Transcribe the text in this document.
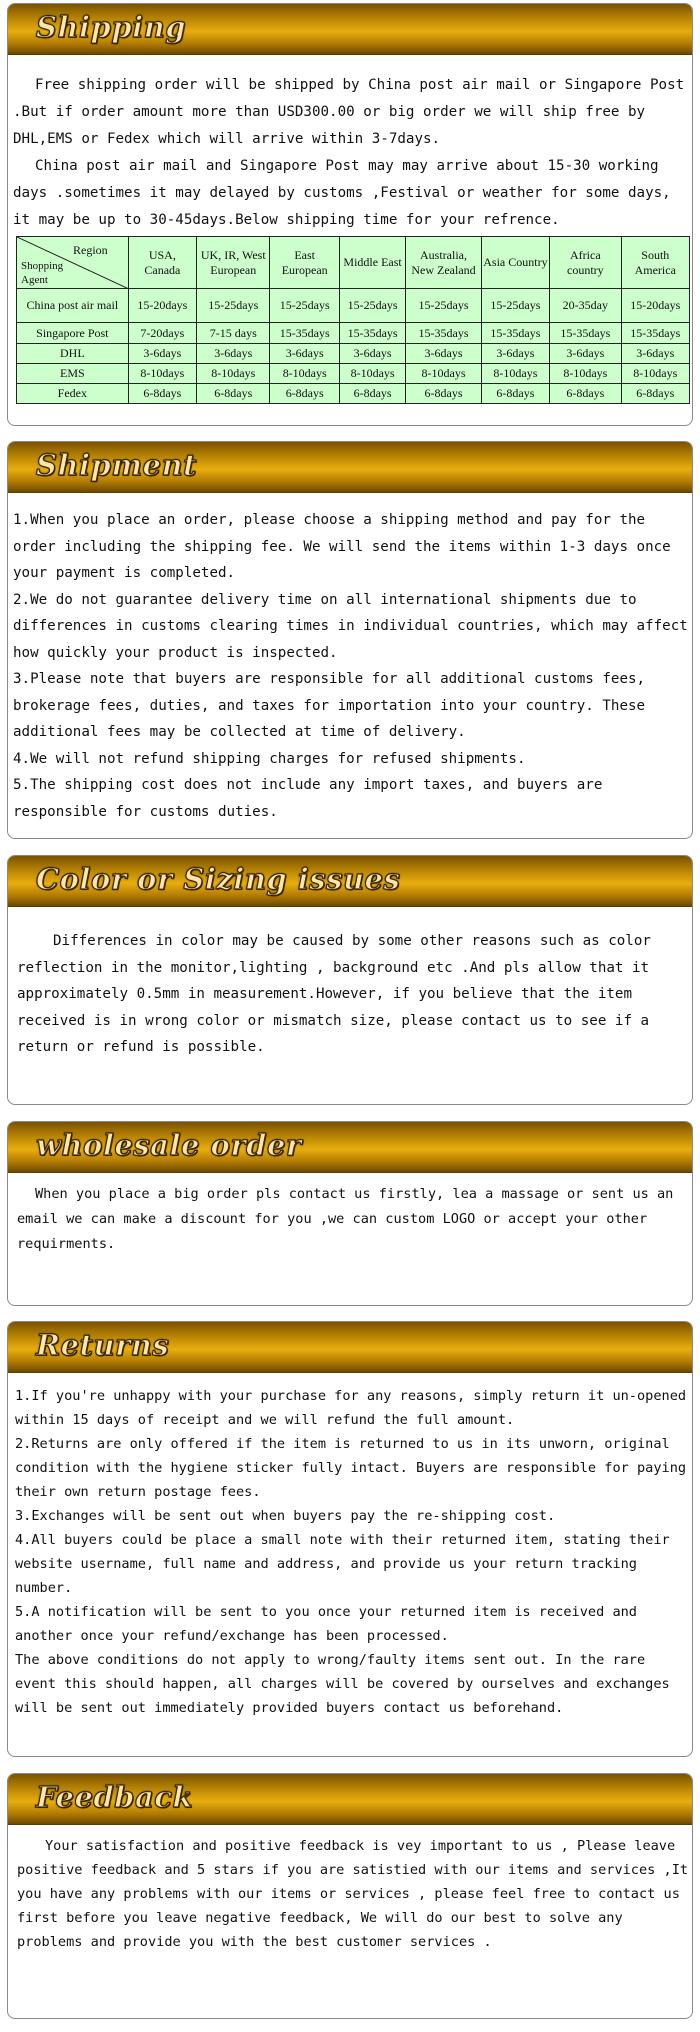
Shipping

Free shipping order will be shipped by China post air mail or Singapore Post .But if order amount more than USD300.00 or big order we will ship free by DHL,EMS or Fedex which will arrive within 3-7days.

China post air mail and Singapore Post may may arrive about 15-30 working days .sometimes it may delayed by customs ,Festival or weather for some days, it may be up to 30-45days.Below shipping time for your refrence.

Region
Shopping Agent	USA, Canada	UK, IR, West European	East European	Middle East	Australia, New Zealand	Asia Country	Africa country	South America
China post air mail	15-20days	15-25days	15-25days	15-25days	15-25days	15-25days	20-35day	15-20days
Singapore Post	7-20days	7-15 days	15-35days	15-35days	15-35days	15-35days	15-35days	15-35days
DHL	3-6days	3-6days	3-6days	3-6days	3-6days	3-6days	3-6days	3-6days
EMS	8-10days	8-10days	8-10days	8-10days	8-10days	8-10days	8-10days	8-10days
Fedex	6-8days	6-8days	6-8days	6-8days	6-8days	6-8days	6-8days	6-8days
Shipment

1.When you place an order, please choose a shipping method and pay for the order including the shipping fee. We will send the items within 1-3 days once your payment is completed.

2.We do not guarantee delivery time on all international shipments due to differences in customs clearing times in individual countries, which may affect how quickly your product is inspected.

3.Please note that buyers are responsible for all additional customs fees, brokerage fees, duties, and taxes for importation into your country. These additional fees may be collected at time of delivery.

4.We will not refund shipping charges for refused shipments.

5.The shipping cost does not include any import taxes, and buyers are responsible for customs duties.

Color or Sizing issues

Differences in color may be caused by some other reasons such as color reflection in the monitor,lighting , background etc .And pls allow that it approximately 0.5mm in measurement.However, if you believe that the item received is in wrong color or mismatch size, please contact us to see if a return or refund is possible.

wholesale order

When you place a big order pls contact us firstly, lea a massage or sent us an email we can make a discount for you ,we can custom LOGO or accept your other requirments.

Returns

1.If you're unhappy with your purchase for any reasons, simply return it un-opened within 15 days of receipt and we will refund the full amount.

2.Returns are only offered if the item is returned to us in its unworn, original condition with the hygiene sticker fully intact. Buyers are responsible for paying their own return postage fees.

3.Exchanges will be sent out when buyers pay the re-shipping cost.

4.All buyers could be place a small note with their returned item, stating their website username, full name and address, and provide us your return tracking number.

5.A notification will be sent to you once your returned item is received and another once your refund/exchange has been processed.

The above conditions do not apply to wrong/faulty items sent out. In the rare event this should happen, all charges will be covered by ourselves and exchanges will be sent out immediately provided buyers contact us beforehand.

Feedback

Your satisfaction and positive feedback is vey important to us , Please leave positive feedback and 5 stars if you are satistied with our items and services ,It you have any problems with our items or services , please feel free to contact us first before you leave negative feedback, We will do our best to solve any problems and provide you with the best customer services .
